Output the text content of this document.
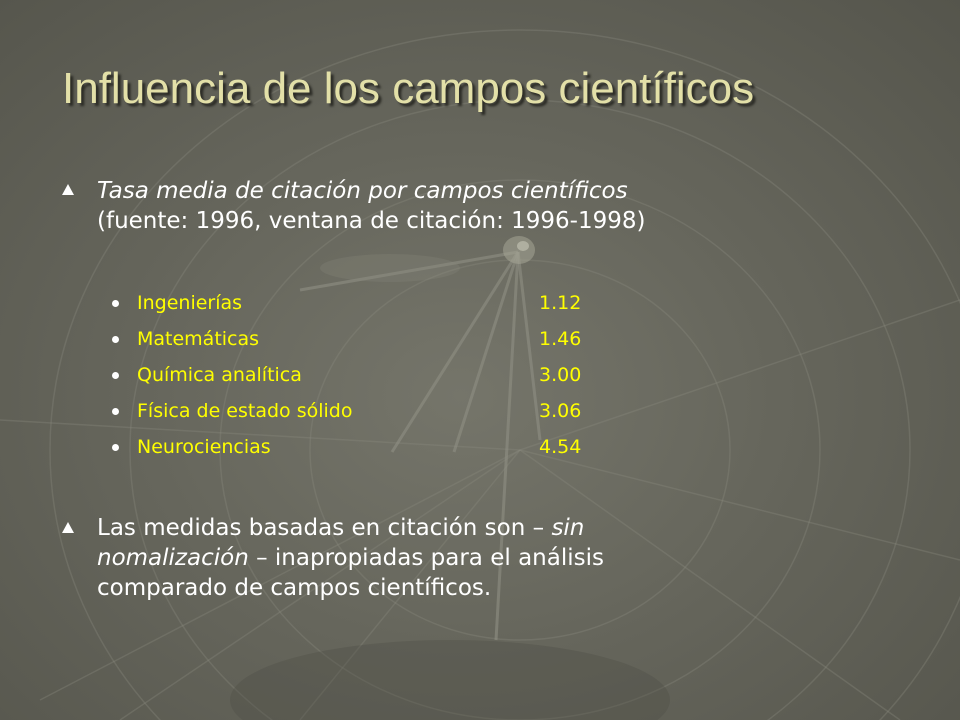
Influencia de los campos científicos
Tasa media de citación por campos científicos
(fuente: 1996, ventana de citación: 1996-1998)
Ingenierías	1.12
Matemáticas	1.46
Química analítica	3.00
Física de estado sólido	3.06
Neurociencias	4.54
Las medidas basadas en citación son – sin
nomalización – inapropiadas para el análisis
comparado de campos científicos.
